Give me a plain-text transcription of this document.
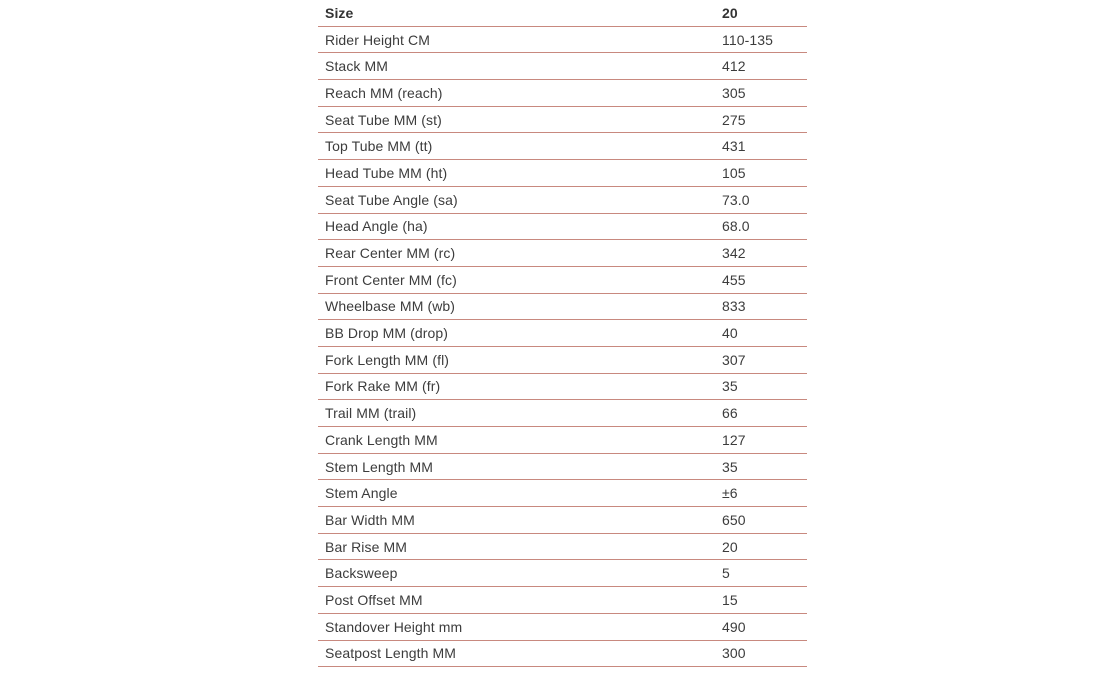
Size	20
Rider Height CM	110-135
Stack MM	412
Reach MM (reach)	305
Seat Tube MM (st)	275
Top Tube MM (tt)	431
Head Tube MM (ht)	105
Seat Tube Angle (sa)	73.0
Head Angle (ha)	68.0
Rear Center MM (rc)	342
Front Center MM (fc)	455
Wheelbase MM (wb)	833
BB Drop MM (drop)	40
Fork Length MM (fl)	307
Fork Rake MM (fr)	35
Trail MM (trail)	66
Crank Length MM	127
Stem Length MM	35
Stem Angle	±6
Bar Width MM	650
Bar Rise MM	20
Backsweep	5
Post Offset MM	15
Standover Height mm	490
Seatpost Length MM	300
